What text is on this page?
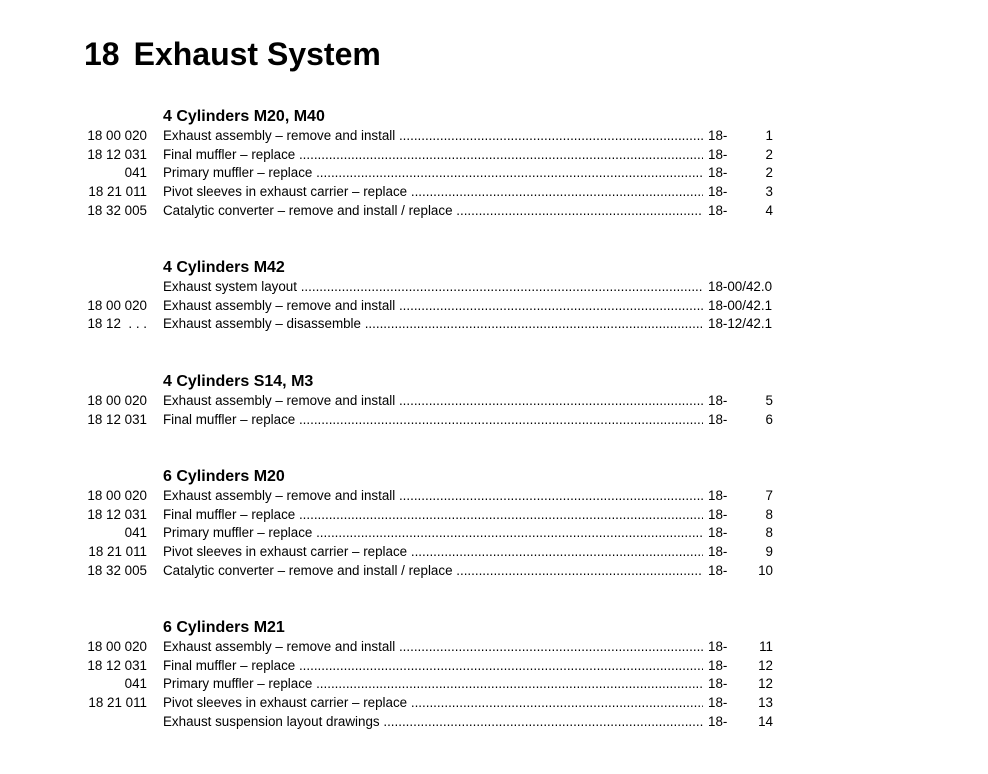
18 Exhaust System
4 Cylinders M20, M40
18 00 020 Exhaust assembly – remove and install .....	18-	1
18 12 031 Final muffler – replace .....	18-	2
041 Primary muffler – replace .....	18-	2
18 21 011 Pivot sleeves in exhaust carrier – replace .....	18-	3
18 32 005 Catalytic converter – remove and install / replace .....	18-	4
4 Cylinders M42
Exhaust system layout .....	18-00/42.0
18 00 020 Exhaust assembly – remove and install .....	18-00/42.1
18 12  . . . Exhaust assembly – disassemble .....	18-12/42.1
4 Cylinders S14, M3
18 00 020 Exhaust assembly – remove and install .....	18-	5
18 12 031 Final muffler – replace .....	18-	6
6 Cylinders M20
18 00 020 Exhaust assembly – remove and install .....	18-	7
18 12 031 Final muffler – replace .....	18-	8
041 Primary muffler – replace .....	18-	8
18 21 011 Pivot sleeves in exhaust carrier – replace .....	18-	9
18 32 005 Catalytic converter – remove and install / replace .....	18-	10
6 Cylinders M21
18 00 020 Exhaust assembly – remove and install .....	18-	11
18 12 031 Final muffler – replace .....	18-	12
041 Primary muffler – replace .....	18-	12
18 21 011 Pivot sleeves in exhaust carrier – replace .....	18-	13
Exhaust suspension layout drawings .....	18-	14
